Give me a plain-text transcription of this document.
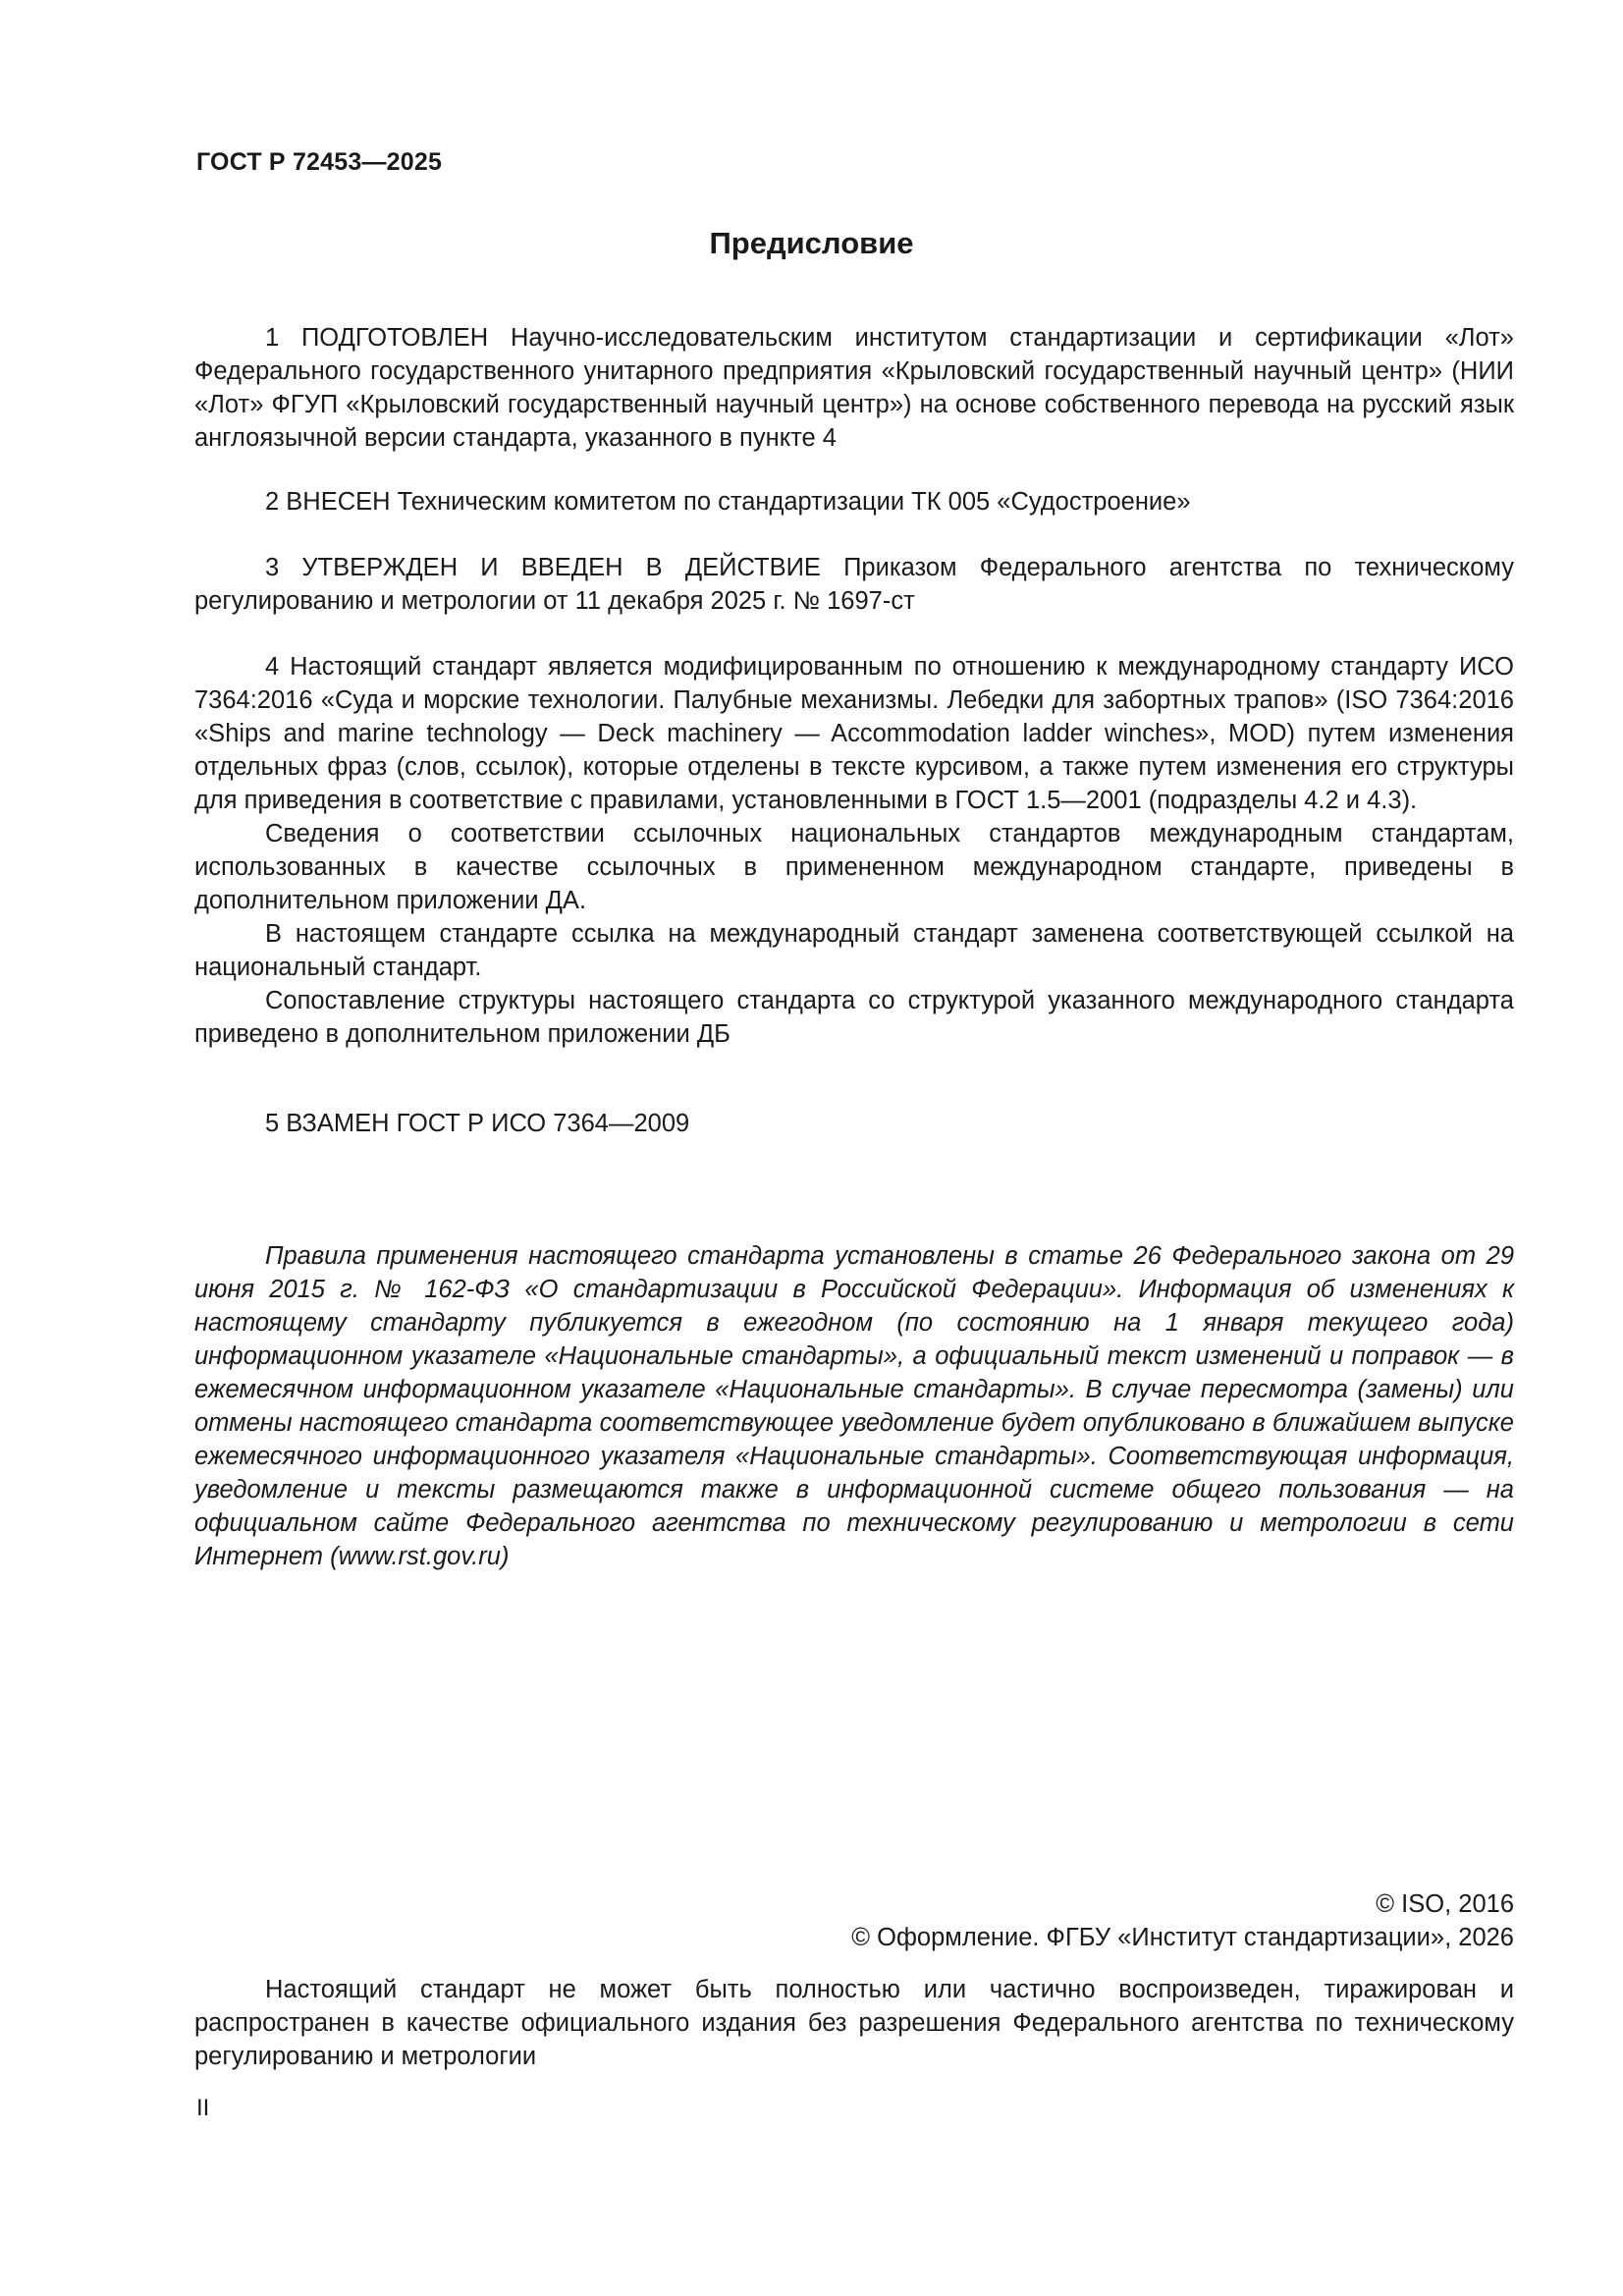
ГОСТ Р 72453—2025
Предисловие

1 ПОДГОТОВЛЕН Научно-исследовательским институтом стандартизации и сертификации «Лот» Федерального государственного унитарного предприятия «Крыловский государственный научный центр» (НИИ «Лот» ФГУП «Крыловский государственный научный центр») на основе собственного перевода на русский язык англоязычной версии стандарта, указанного в пункте 4

2 ВНЕСЕН Техническим комитетом по стандартизации ТК 005 «Судостроение»

3 УТВЕРЖДЕН И ВВЕДЕН В ДЕЙСТВИЕ Приказом Федерального агентства по техническому регулированию и метрологии от 11 декабря 2025 г. № 1697-ст

4 Настоящий стандарт является модифицированным по отношению к международному стандарту ИСО 7364:2016 «Суда и морские технологии. Палубные механизмы. Лебедки для забортных трапов» (ISO 7364:2016 «Ships and marine technology — Deck machinery — Accommodation ladder winches», MOD) путем изменения отдельных фраз (слов, ссылок), которые отделены в тексте курсивом, а также путем изменения его структуры для приведения в соответствие с правилами, установленными в ГОСТ 1.5—2001 (подразделы 4.2 и 4.3).

Сведения о соответствии ссылочных национальных стандартов международным стандартам, использованных в качестве ссылочных в примененном международном стандарте, приведены в дополнительном приложении ДА.

В настоящем стандарте ссылка на международный стандарт заменена соответствующей ссылкой на национальный стандарт.

Сопоставление структуры настоящего стандарта со структурой указанного международного стандарта приведено в дополнительном приложении ДБ

5 ВЗАМЕН ГОСТ Р ИСО 7364—2009

Правила применения настоящего стандарта установлены в статье 26 Федерального закона от 29 июня 2015 г. № 162-ФЗ «О стандартизации в Российской Федерации». Информация об изменениях к настоящему стандарту публикуется в ежегодном (по состоянию на 1 января текущего года) информационном указателе «Национальные стандарты», а официальный текст изменений и поправок — в ежемесячном информационном указателе «Национальные стандарты». В случае пересмотра (замены) или отмены настоящего стандарта соответствующее уведомление будет опубликовано в ближайшем выпуске ежемесячного информационного указателя «Национальные стандарты». Соответствующая информация, уведомление и тексты размещаются также в информационной системе общего пользования — на официальном сайте Федерального агентства по техническому регулированию и метрологии в сети Интернет (www.rst.gov.ru)

© ISO, 2016
© Оформление. ФГБУ «Институт стандартизации», 2026

Настоящий стандарт не может быть полностью или частично воспроизведен, тиражирован и распространен в качестве официального издания без разрешения Федерального агентства по техническому регулированию и метрологии

II
